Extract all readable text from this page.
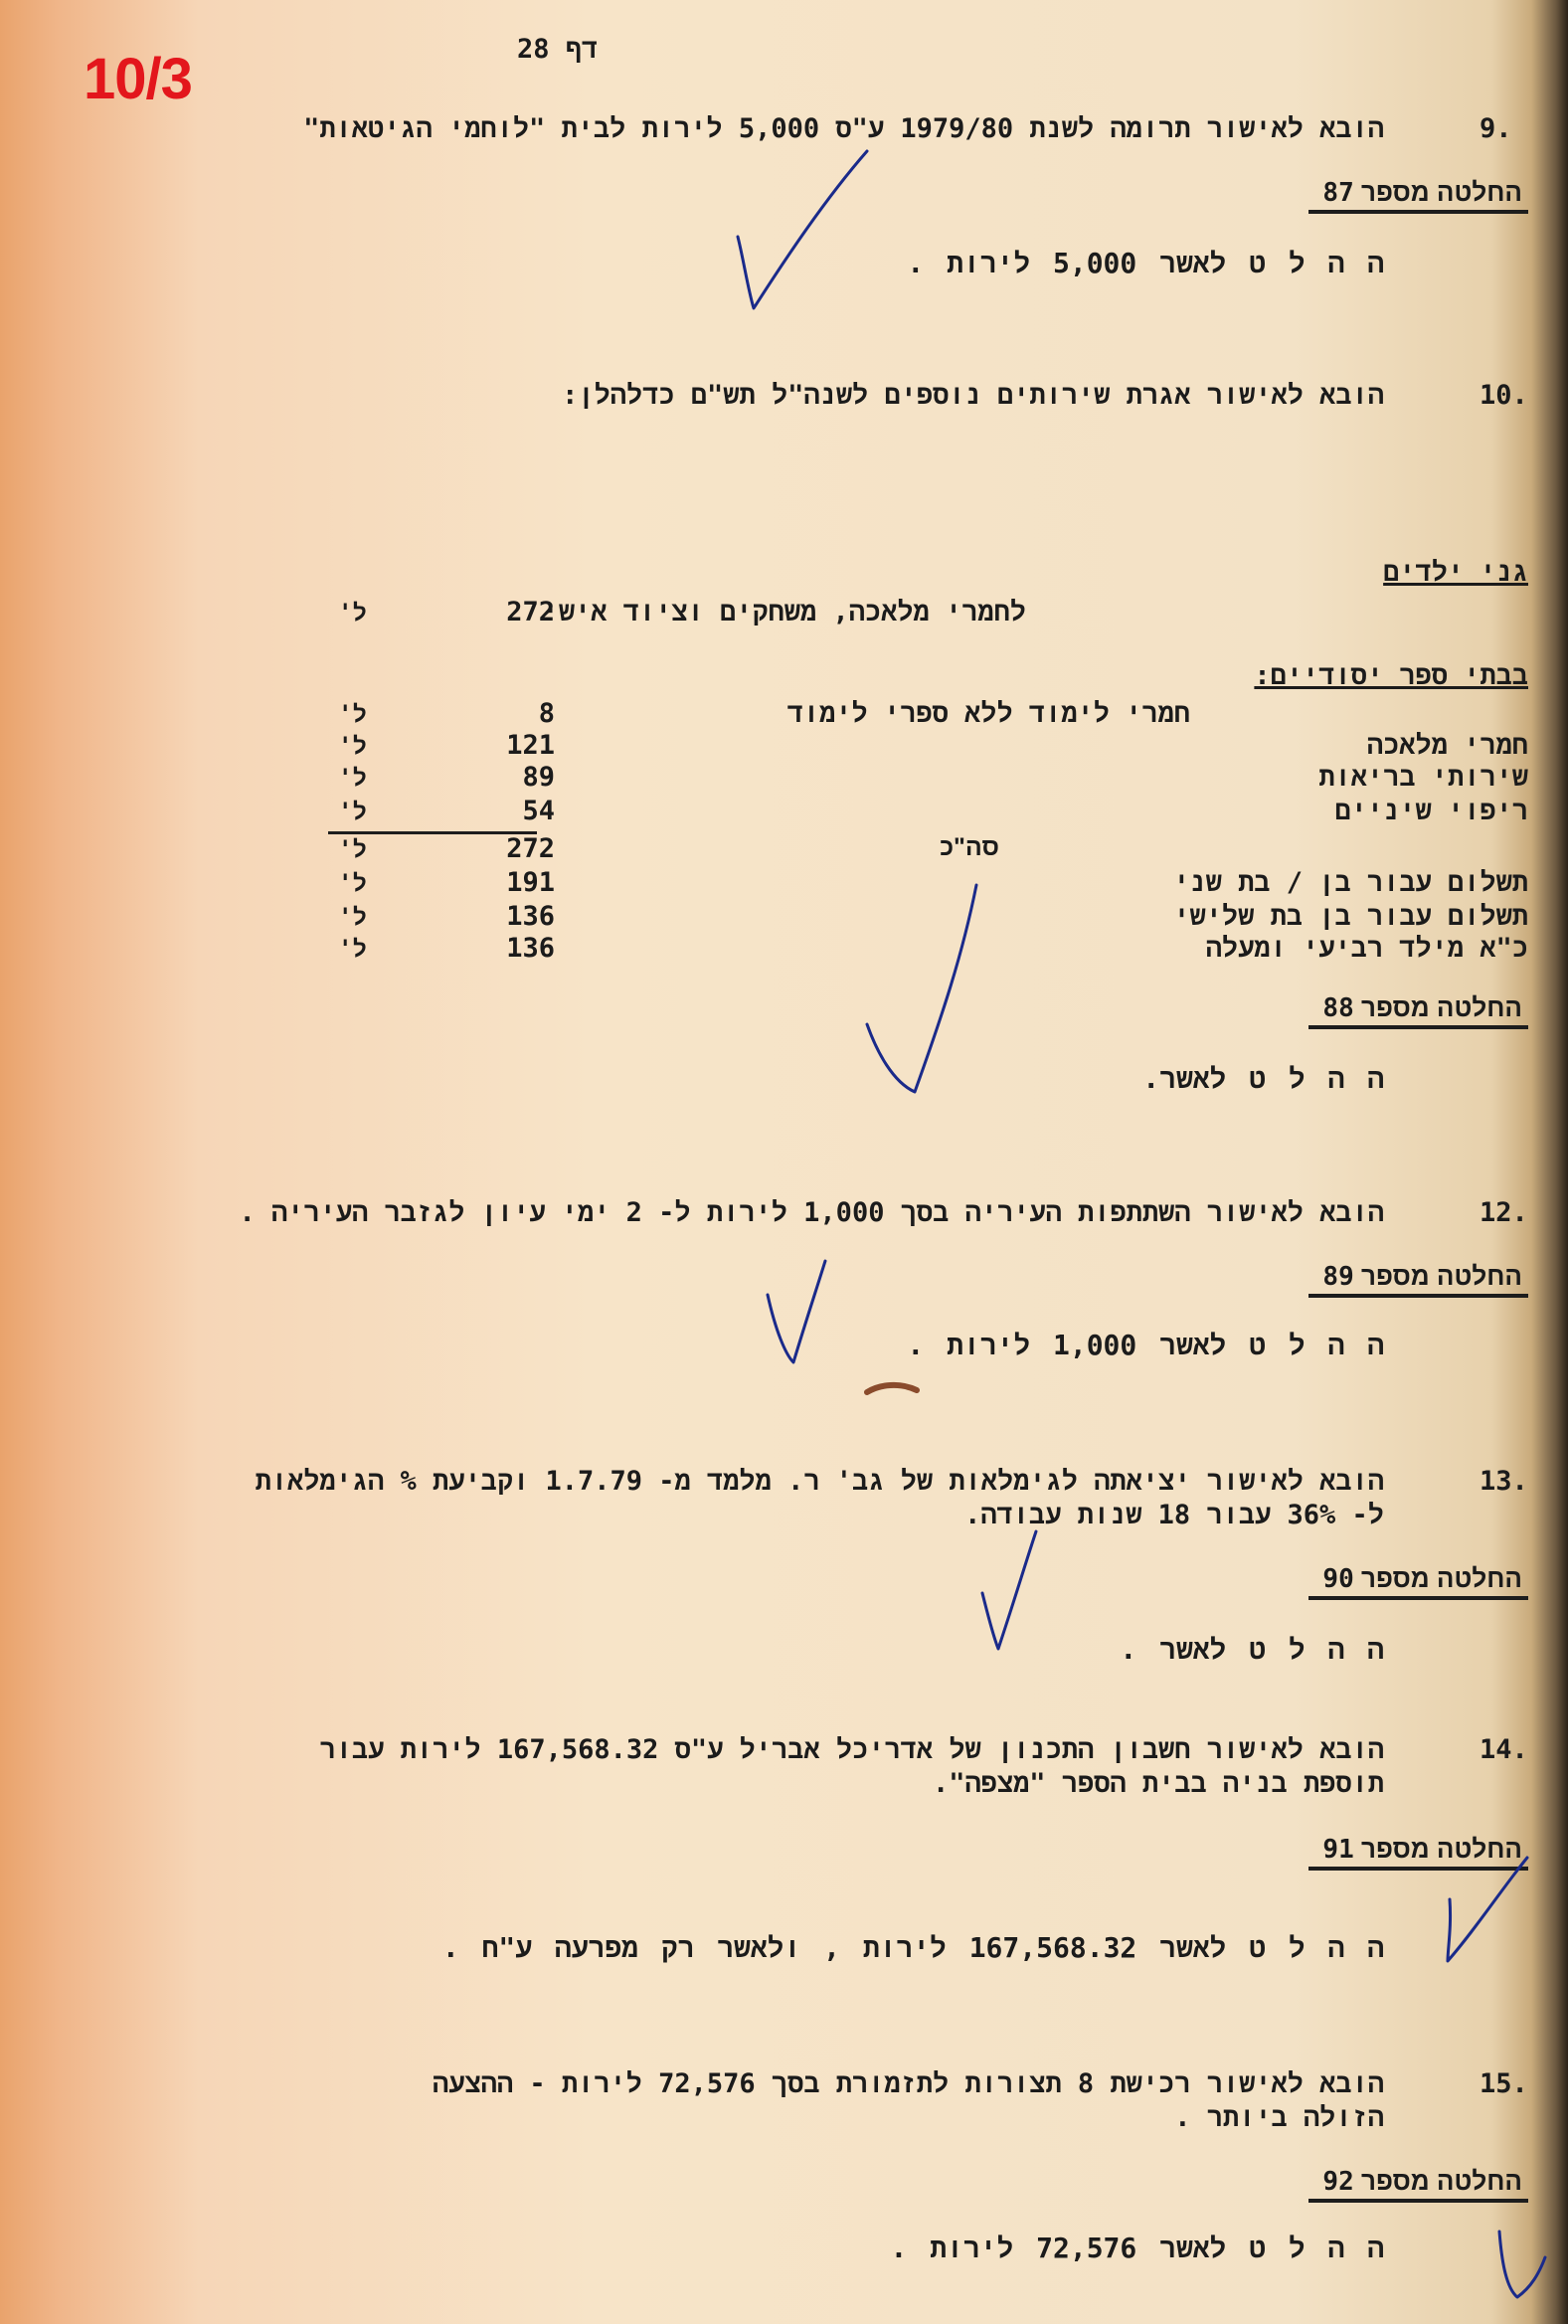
10/3	דף 28
9.
הובא לאישור תרומה לשנת 1979/80 ע"ס 5,000 לירות לבית "לוחמי הגיטאות"
החלטה מספר 87
ה ה ל ט לאשר 5,000 לירות .
10.
הובא לאישור אגרת שירותים נוספים לשנה"ל תש"ם כדלהלן:
גני ילדים
לחמרי מלאכה, משחקים וציוד אישי
272
ל'
בבתי ספר יסודיים:
חמרי לימוד ללא ספרי לימוד
8
ל'
חמרי מלאכה
121
ל'
שירותי בריאות
89
ל'
ריפוי שיניים
54
ל'
סה"כ
272
ל'
תשלום עבור בן / בת שני
191
ל'
תשלום עבור בן בת שלישי
136
ל'
כ"א מילד רביעי ומעלה
136
ל'
החלטה מספר 88
ה ה ל ט לאשר.
12.
הובא לאישור השתתפות העיריה בסך 1,000 לירות ל- 2 ימי עיון לגזבר העיריה .
החלטה מספר 89
ה ה ל ט לאשר 1,000 לירות .
13.
הובא לאישור יציאתה לגימלאות של גב' ר. מלמד מ- 1.7.79 וקביעת % הגימלאות
ל- 36% עבור 18 שנות עבודה.
החלטה מספר 90
ה ה ל ט לאשר .
14.
הובא לאישור חשבון התכנון של אדריכל אבריל ע"ס 167,568.32 לירות עבור
תוספת בניה בבית הספר "מצפה".
החלטה מספר 91
ה ה ל ט לאשר 167,568.32 לירות , ולאשר רק מפרעה ע"ח .
15.
הובא לאישור רכישת 8 תצורות לתזמורת בסך 72,576 לירות - ההצעה
הזולה ביותר .
החלטה מספר 92
ה ה ל ט לאשר 72,576 לירות .
